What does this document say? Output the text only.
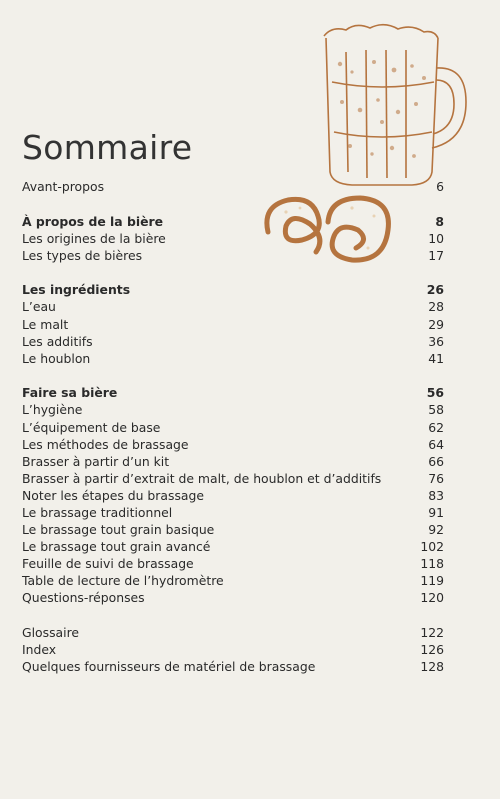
Sommaire
Avant-propos	6
À propos de la bière	8
Les origines de la bière	10
Les types de bières	17
Les ingrédients	26
L’eau	28
Le malt	29
Les additifs	36
Le houblon	41
Faire sa bière	56
L’hygiène	58
L’équipement de base	62
Les méthodes de brassage	64
Brasser à partir d’un kit	66
Brasser à partir d’extrait de malt, de houblon et d’additifs	76
Noter les étapes du brassage	83
Le brassage traditionnel	91
Le brassage tout grain basique	92
Le brassage tout grain avancé	102
Feuille de suivi de brassage	118
Table de lecture de l’hydromètre	119
Questions-réponses	120
Glossaire	122
Index	126
Quelques fournisseurs de matériel de brassage	128
